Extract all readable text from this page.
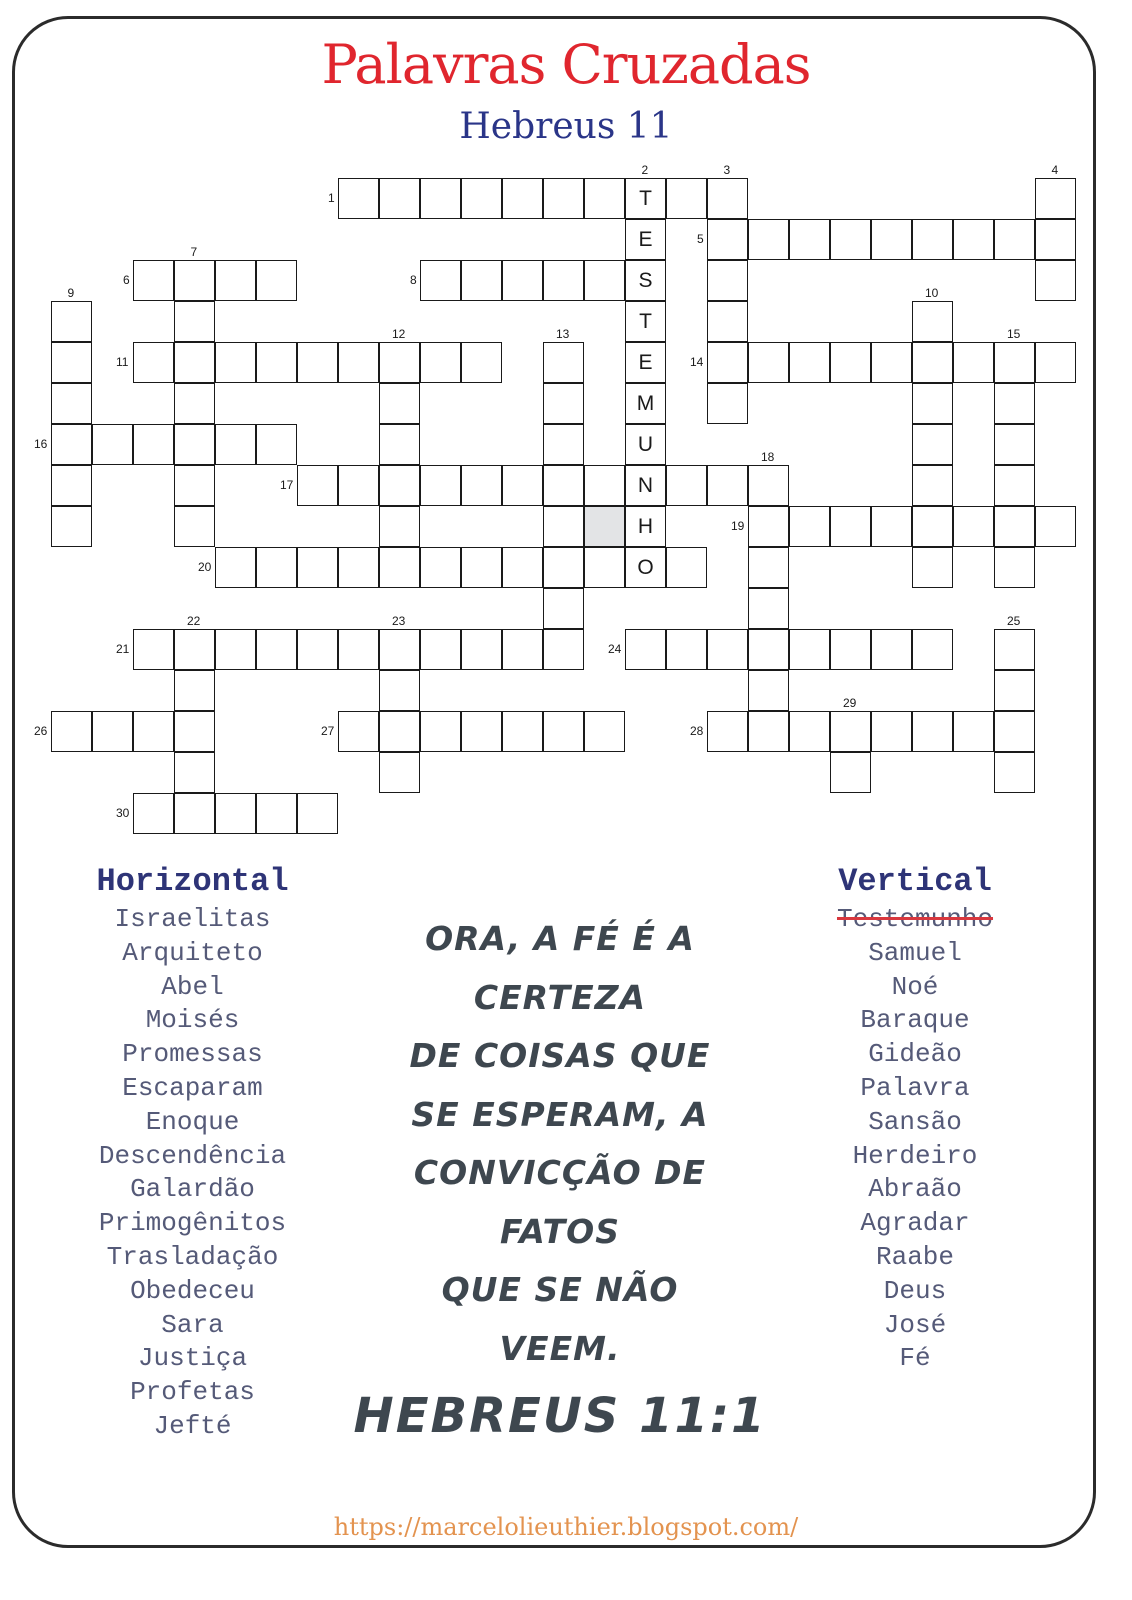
Palavras Cruzadas
Hebreus 11
T
E
S
T
E
M
U
N
H
O
1
2	3	4
5
6
7
8
9	10
11
12	13
14
15
16
17
18
19
20
21
22	23
24
25
26	27	28
29
30
Horizontal
Israelitas
Arquiteto
Abel
Moisés
Promessas
Escaparam
Enoque
Descendência
Galardão
Primogênitos
Trasladação
Obedeceu
Sara
Justiça
Profetas
Jefté
Vertical
Testemunho
Samuel
Noé
Baraque
Gideão
Palavra
Sansão
Herdeiro
Abraão
Agradar
Raabe
Deus
José
Fé
ORA, A FÉ É A
CERTEZA
DE COISAS QUE
SE ESPERAM, A
CONVICÇÃO DE
FATOS
QUE SE NÃO
VEEM.
HEBREUS 11:1
https://marcelolieuthier.blogspot.com/
